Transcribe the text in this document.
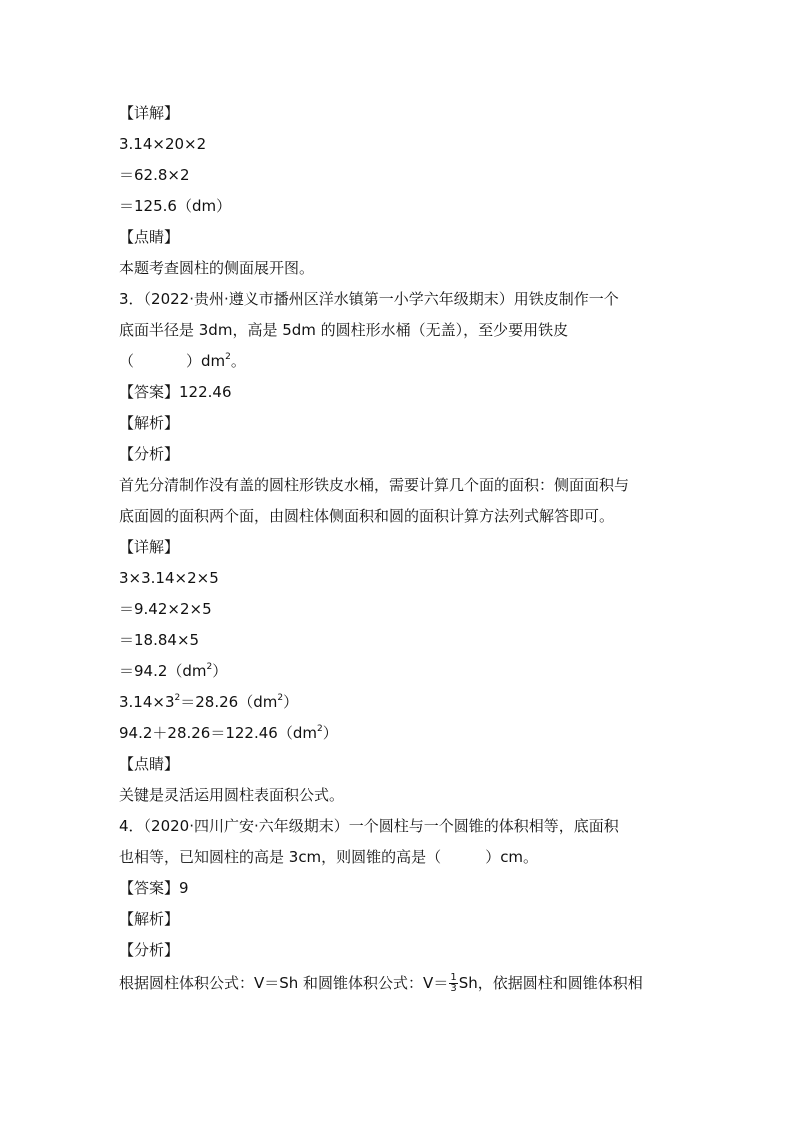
【详解】
3.14×20×2
＝62.8×2
＝125.6（dm）
【点睛】
本题考查圆柱的侧面展开图。
3．（2022·贵州·遵义市播州区洋水镇第一小学六年级期末）用铁皮制作一个
底面半径是 3dm，高是 5dm 的圆柱形水桶（无盖），至少要用铁皮
（	）$dm^2$。
【答案】122.46
【解析】
【分析】
首先分清制作没有盖的圆柱形铁皮水桶，需要计算几个面的面积：侧面面积与
底面圆的面积两个面，由圆柱体侧面积和圆的面积计算方法列式解答即可。
【详解】
3×3.14×2×5
＝9.42×2×5
＝18.84×5
$=94.2(dm^2)$
$3.14\times 3^2=28.26(dm^2)$
$94.2+28.26=122.46(dm^2)$
【点睛】
关键是灵活运用圆柱表面积公式。
4．（2020·四川广安·六年级期末）一个圆柱与一个圆锥的体积相等，底面积
也相等，已知圆柱的高是 3cm，则圆锥的高是（	）cm。
【答案】9
【解析】
【分析】
根据圆柱体积公式：V＝Sh 和圆锥体积公式：$V= \frac{1}{3}$ Sh，依据圆柱和圆锥体积相
